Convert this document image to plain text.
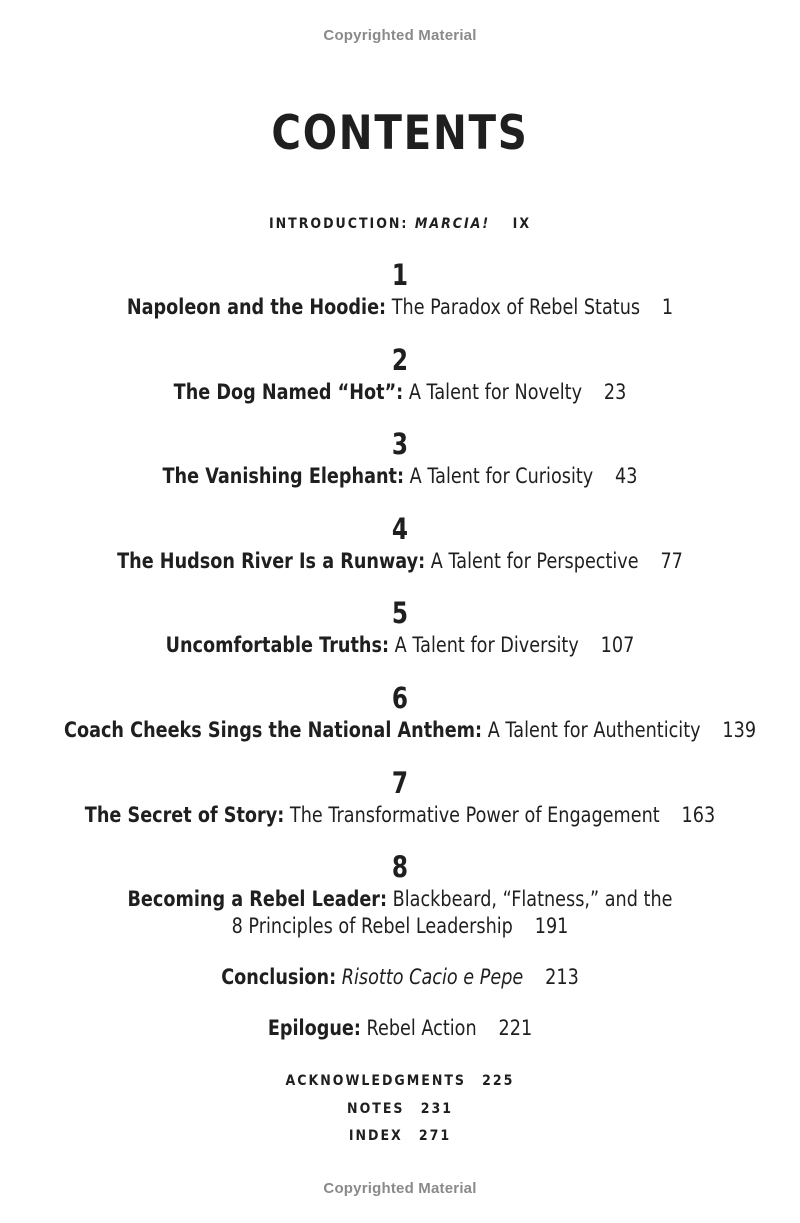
Copyrighted Material
CONTENTS
INTRODUCTION: MARCIA! IX
1
Napoleon and the Hoodie: The Paradox of Rebel Status 1
2
The Dog Named “Hot”: A Talent for Novelty 23
3
The Vanishing Elephant: A Talent for Curiosity 43
4
The Hudson River Is a Runway: A Talent for Perspective 77
5
Uncomfortable Truths: A Talent for Diversity 107
6
Coach Cheeks Sings the National Anthem: A Talent for Authenticity 139
7
The Secret of Story: The Transformative Power of Engagement 163
8
Becoming a Rebel Leader: Blackbeard, “Flatness,” and the
8 Principles of Rebel Leadership 191
Conclusion: Risotto Cacio e Pepe 213
Epilogue: Rebel Action 221
ACKNOWLEDGMENTS 225
NOTES 231
INDEX 271
Copyrighted Material
